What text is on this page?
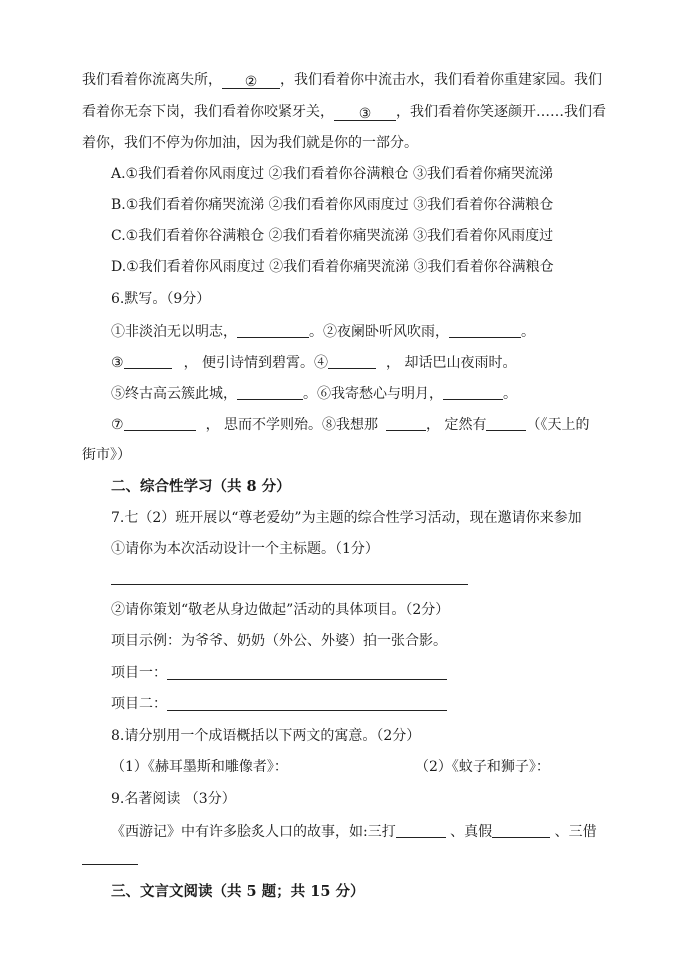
我们看着你流离失所， ② ，我们看着你中流击水，我们看着你重建家园。我们
看着你无奈下岗，我们看着你咬紧牙关， ③ ，我们看着你笑逐颜开……我们看
着你，我们不停为你加油，因为我们就是你的一部分。
A.①我们看着你风雨度过 ②我们看着你谷满粮仓 ③我们看着你痛哭流涕
B.①我们看着你痛哭流涕 ②我们看着你风雨度过 ③我们看着你谷满粮仓
C.①我们看着你谷满粮仓 ②我们看着你痛哭流涕 ③我们看着你风雨度过
D.①我们看着你风雨度过 ②我们看着你痛哭流涕 ③我们看着你谷满粮仓
6.默写。（9分）
①非淡泊无以明志，	。②夜阑卧听风吹雨，	。
③	， 便引诗情到碧霄。④	， 却话巴山夜雨时。
⑤终古高云簇此城，	。⑥我寄愁心与明月，	。
⑦	， 思而不学则殆。⑧我想那	， 定然有	（《天上的
街市》）
二、综合性学习（共 8 分）
7.七（2）班开展以“尊老爱幼”为主题的综合性学习活动，现在邀请你来参加
①请你为本次活动设计一个主标题。（1分）
②请你策划“敬老从身边做起”活动的具体项目。（2分）
项目示例：为爷爷、奶奶（外公、外婆）拍一张合影。
项目一：
项目二：
8.请分别用一个成语概括以下两文的寓意。（2分）
（1）《赫耳墨斯和雕像者》：	（2）《蚊子和狮子》：
9.名著阅读 （3分）
《西游记》中有许多脍炙人口的故事，如:三打	、真假	、三借
三、文言文阅读（共 5 题；共 15 分）
